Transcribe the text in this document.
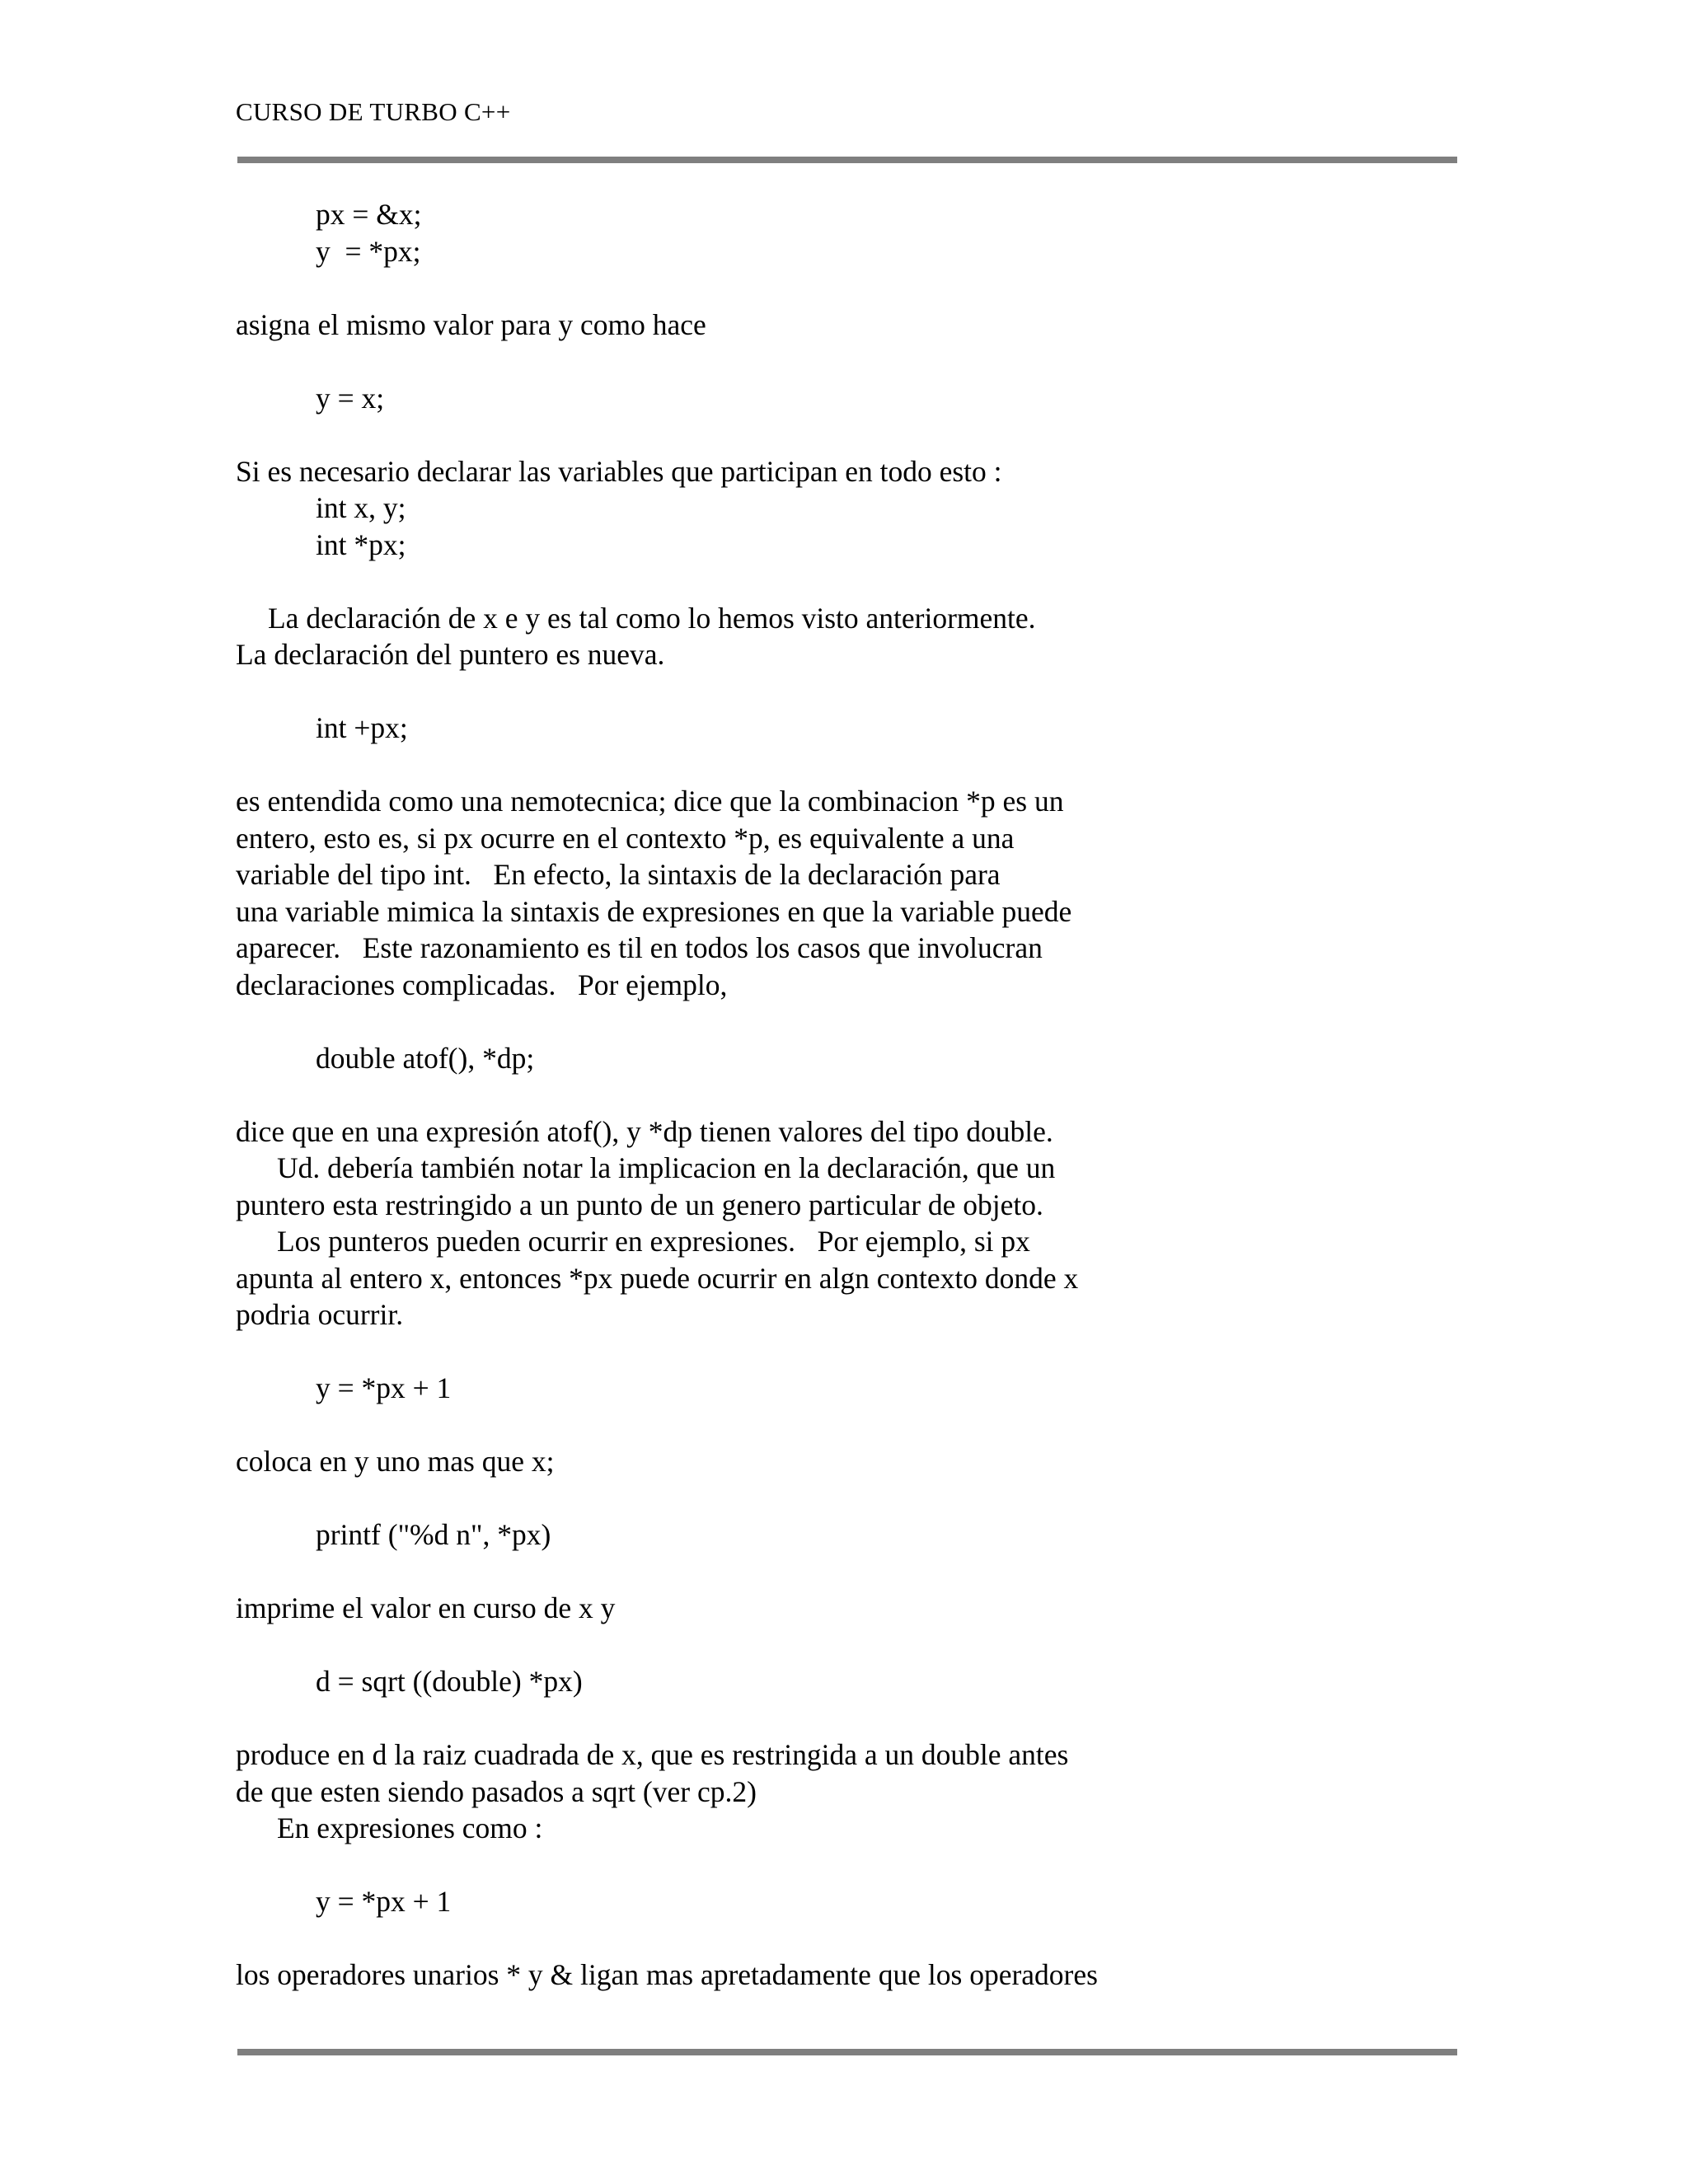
CURSO DE TURBO C++
px = &x;
y  = *px;
asigna el mismo valor para y como hace
y = x;
Si es necesario declarar las variables que participan en todo esto :
int x, y;
int *px;
La declaración de x e y es tal como lo hemos visto anteriormente.
La declaración del puntero es nueva.
int +px;
es entendida como una nemotecnica; dice que la combinacion *p es un
entero, esto es, si px ocurre en el contexto *p, es equivalente a una
variable del tipo int.   En efecto, la sintaxis de la declaración para
una variable mimica la sintaxis de expresiones en que la variable puede
aparecer.   Este razonamiento es til en todos los casos que involucran
declaraciones complicadas.   Por ejemplo,
double atof(), *dp;
dice que en una expresión atof(), y *dp tienen valores del tipo double.
Ud. debería también notar la implicacion en la declaración, que un
puntero esta restringido a un punto de un genero particular de objeto.
Los punteros pueden ocurrir en expresiones.   Por ejemplo, si px
apunta al entero x, entonces *px puede ocurrir en algn contexto donde x
podria ocurrir.
y = *px + 1
coloca en y uno mas que x;
printf ("%d n", *px)
imprime el valor en curso de x y
d = sqrt ((double) *px)
produce en d la raiz cuadrada de x, que es restringida a un double antes
de que esten siendo pasados a sqrt (ver cp.2)
En expresiones como :
y = *px + 1
los operadores unarios * y & ligan mas apretadamente que los operadores
